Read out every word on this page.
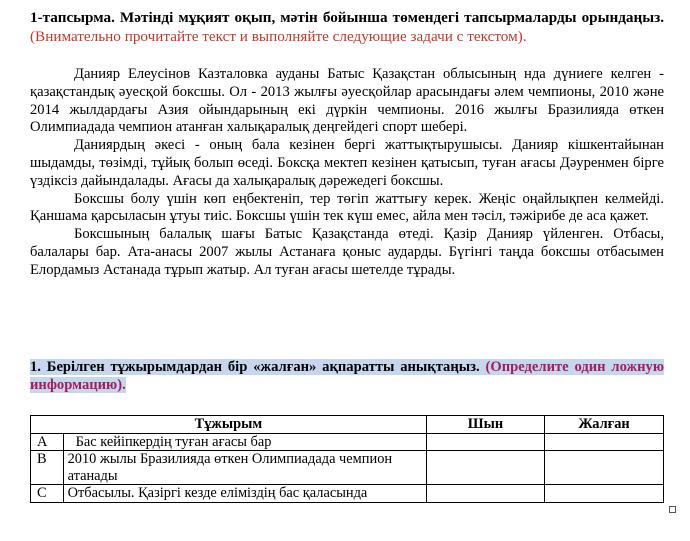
1-тапсырма. Мәтінді мұқият оқып, мәтін бойынша төмендегі тапсырмаларды орындаңыз. (Внимательно прочитайте текст и выполняйте следующие задачи с текстом).

Данияр Елеусінов Казталовка ауданы Батыс Қазақстан облысының нда дүниеге келген - қазақстандық әуесқой боксшы. Ол - 2013 жылғы әуесқойлар арасындағы әлем чемпионы, 2010 және 2014 жылдардағы Азия ойындарының екі дүркін чемпионы. 2016 жылғы Бразилияда өткен Олимпиадада чемпион атанған халықаралық деңгейдегі спорт шебері.

Даниярдың әкесі - оның бала кезінен бергі жаттықтырушысы. Данияр кішкентайынан шыдамды, төзімді, тұйық болып өседі. Боксқа мектеп кезінен қатысып, туған ағасы Дәуренмен бірге үздіксіз дайындалады. Ағасы да халықаралық дәрежедегі боксшы.

Боксшы болу үшін көп еңбектеніп, тер төгіп жаттығу керек. Жеңіс оңайлықпен келмейді. Қаншама қарсыласын ұтуы тиіс. Боксшы үшін тек күш емес, айла мен тәсіл, тәжірибе де аса қажет.

Боксшының балалық шағы Батыс Қазақстанда өтеді. Қазір Данияр үйленген. Отбасы, балалары бар. Ата-анасы 2007 жылы Астанаға қоныс аударды. Бүгінгі таңда боксшы отбасымен Елордамыз Астанада тұрып жатыр. Ал туған ағасы шетелде тұрады.

1. Берілген тұжырымдардан бір «жалған» ақпаратты анықтаңыз. (Определите один ложную информацию).
Тұжырым		Шын	Жалған
A	Бас кейіпкердің туған ағасы бар		
B	2010 жылы Бразилияда өткен Олимпиадада чемпион атанады		
C	Отбасылы. Қазіргі кезде еліміздің бас қаласында		
